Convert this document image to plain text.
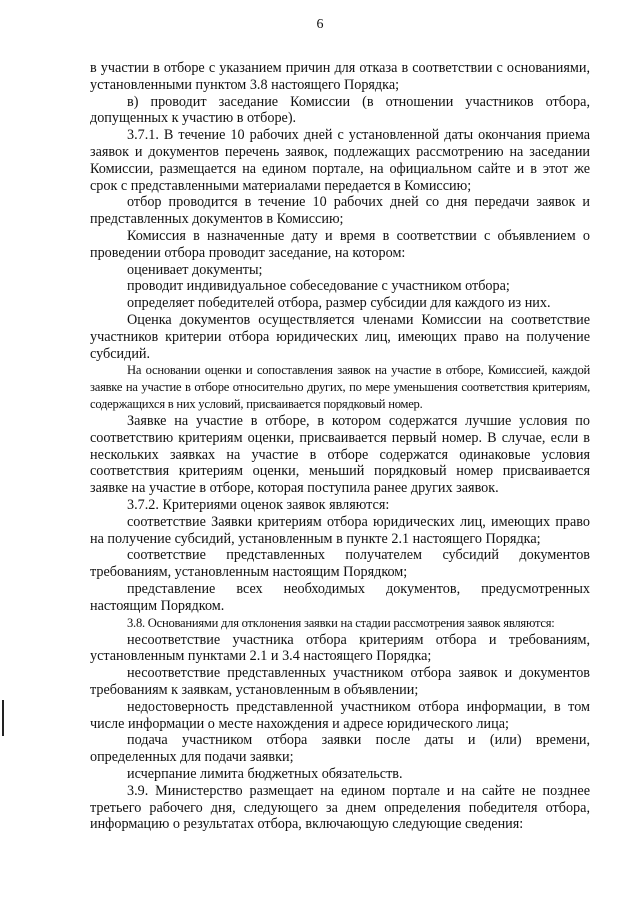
6

в участии в отборе с указанием причин для отказа в соответствии с основаниями, установленными пунктом 3.8 настоящего Порядка;

в) проводит заседание Комиссии (в отношении участников отбора, допущенных к участию в отборе).

3.7.1. В течение 10 рабочих дней с установленной даты окончания приема заявок и документов перечень заявок, подлежащих рассмотрению на заседании Комиссии, размещается на едином портале, на официальном сайте и в этот же срок с представленными материалами передается в Комиссию;

отбор проводится в течение 10 рабочих дней со дня передачи заявок и представленных документов в Комиссию;

Комиссия в назначенные дату и время в соответствии с объявлением о проведении отбора проводит заседание, на котором:

оценивает документы;

проводит индивидуальное собеседование с участником отбора;

определяет победителей отбора, размер субсидии для каждого из них.

Оценка документов осуществляется членами Комиссии на соответствие участников критерии отбора юридических лиц, имеющих право на получение субсидий.

На основании оценки и сопоставления заявок на участие в отборе, Комиссией, каждой заявке на участие в отборе относительно других, по мере уменьшения соответствия критериям, содержащихся в них условий, присваивается порядковый номер.

Заявке на участие в отборе, в котором содержатся лучшие условия по соответствию критериям оценки, присваивается первый номер. В случае, если в нескольких заявках на участие в отборе содержатся одинаковые условия соответствия критериям оценки, меньший порядковый номер присваивается заявке на участие в отборе, которая поступила ранее других заявок.

3.7.2. Критериями оценок заявок являются:

соответствие Заявки критериям отбора юридических лиц, имеющих право на получение субсидий, установленным в пункте 2.1 настоящего Порядка;

соответствие представленных получателем субсидий документов требованиям, установленным настоящим Порядком;

представление всех необходимых документов, предусмотренных настоящим Порядком.

3.8. Основаниями для отклонения заявки на стадии рассмотрения заявок являются:

несоответствие участника отбора критериям отбора и требованиям, установленным пунктами 2.1 и 3.4 настоящего Порядка;

несоответствие представленных участником отбора заявок и документов требованиям к заявкам, установленным в объявлении;

недостоверность представленной участником отбора информации, в том числе информации о месте нахождения и адресе юридического лица;

подача участником отбора заявки после даты и (или) времени, определенных для подачи заявки;

исчерпание лимита бюджетных обязательств.

3.9. Министерство размещает на едином портале и на сайте не позднее третьего рабочего дня, следующего за днем определения победителя отбора, информацию о результатах отбора, включающую следующие сведения:
